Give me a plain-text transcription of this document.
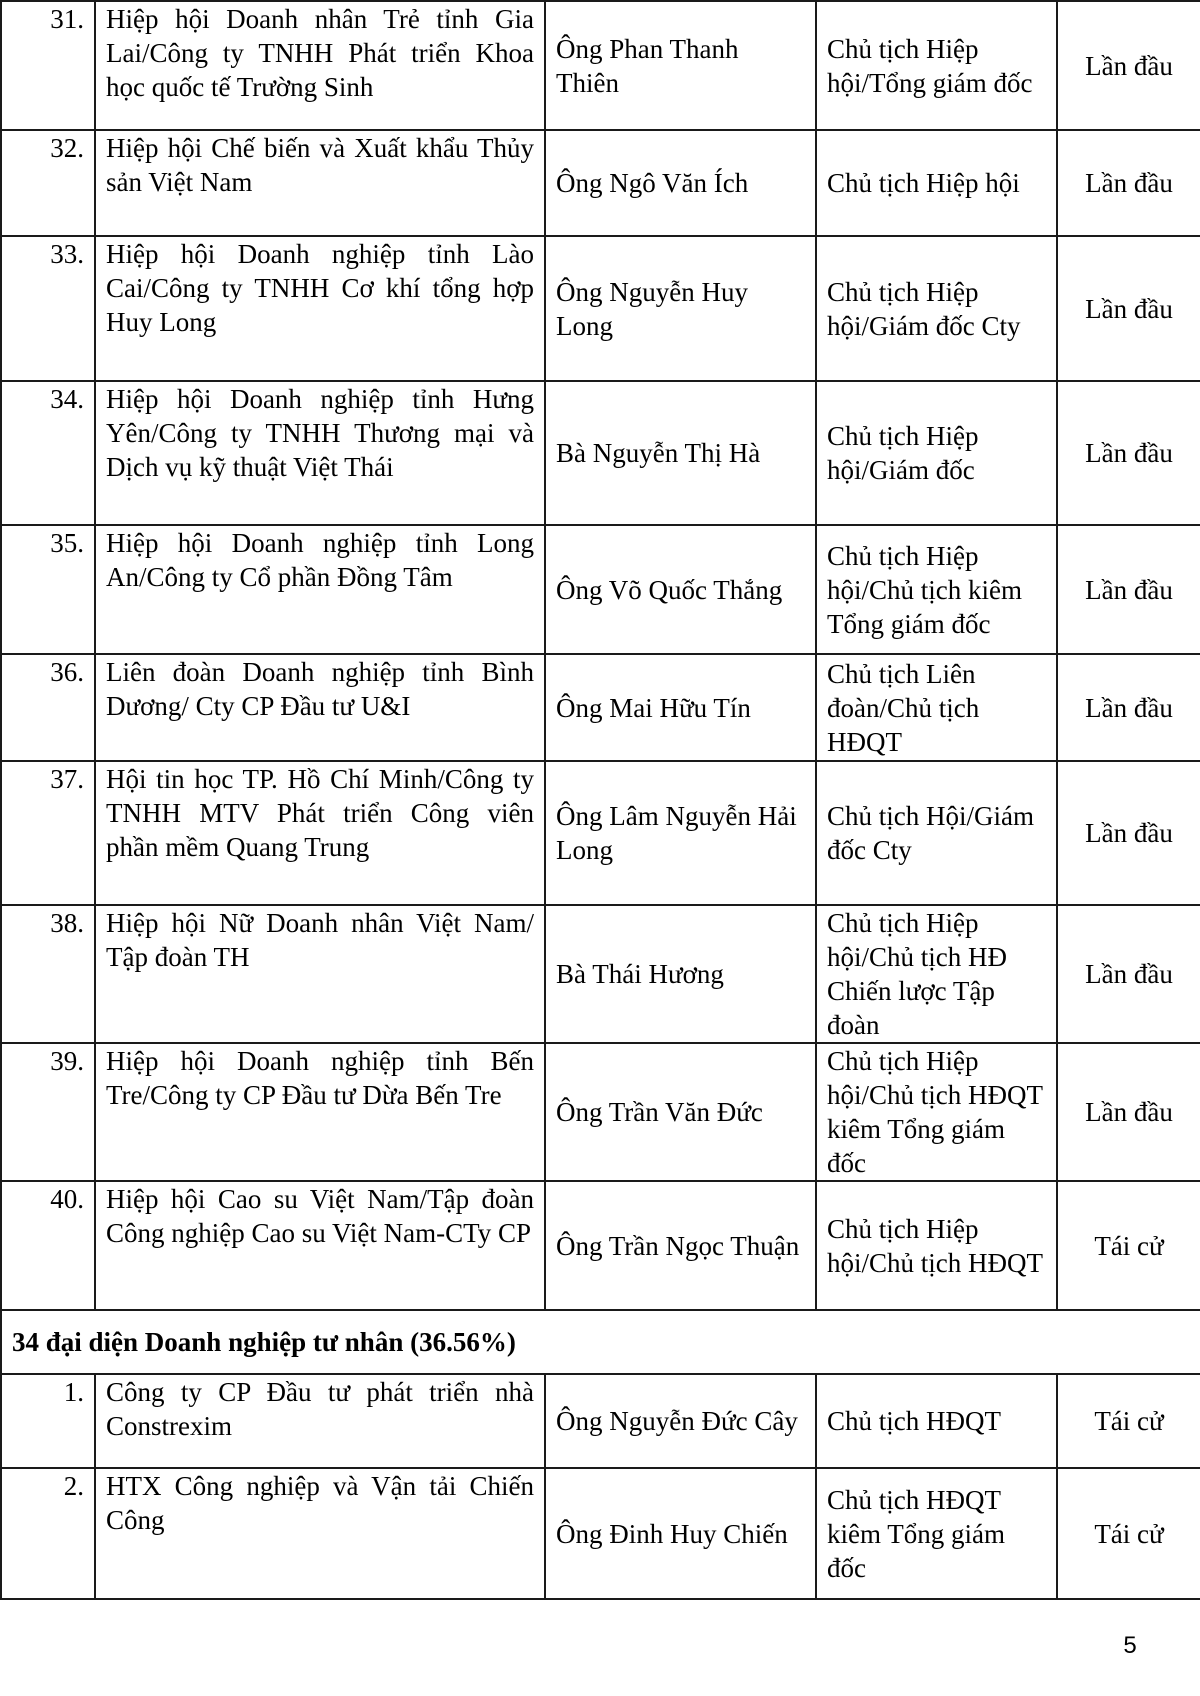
31.	Hiệp hội Doanh nhân Trẻ tỉnh Gia Lai/Công ty TNHH Phát triển Khoa học quốc tế Trường Sinh	Ông Phan Thanh Thiên	Chủ tịch Hiệp hội/Tổng giám đốc	Lần đầu
32.	Hiệp hội Chế biến và Xuất khẩu Thủy sản Việt Nam	Ông Ngô Văn Ích	Chủ tịch Hiệp hội	Lần đầu
33.	Hiệp hội Doanh nghiệp tỉnh Lào Cai/Công ty TNHH Cơ khí tổng hợp Huy Long	Ông Nguyễn Huy Long	Chủ tịch Hiệp hội/Giám đốc Cty	Lần đầu
34.	Hiệp hội Doanh nghiệp tỉnh Hưng Yên/Công ty TNHH Thương mại và Dịch vụ kỹ thuật Việt Thái	Bà Nguyễn Thị Hà	Chủ tịch Hiệp hội/Giám đốc	Lần đầu
35.	Hiệp hội Doanh nghiệp tỉnh Long An/Công ty Cổ phần Đồng Tâm	Ông Võ Quốc Thắng	Chủ tịch Hiệp hội/Chủ tịch kiêm Tổng giám đốc	Lần đầu
36.	Liên đoàn Doanh nghiệp tỉnh Bình Dương/ Cty CP Đầu tư U&I	Ông Mai Hữu Tín	Chủ tịch Liên đoàn/Chủ tịch HĐQT	Lần đầu
37.	Hội tin học TP. Hồ Chí Minh/Công ty TNHH MTV Phát triển Công viên phần mềm Quang Trung	Ông Lâm Nguyễn Hải Long	Chủ tịch Hội/Giám đốc Cty	Lần đầu
38.	Hiệp hội Nữ Doanh nhân Việt Nam/ Tập đoàn TH	Bà Thái Hương	Chủ tịch Hiệp hội/Chủ tịch HĐ Chiến lược Tập đoàn	Lần đầu
39.	Hiệp hội Doanh nghiệp tỉnh Bến Tre/Công ty CP Đầu tư Dừa Bến Tre	Ông Trần Văn Đức	Chủ tịch Hiệp hội/Chủ tịch HĐQT kiêm Tổng giám đốc	Lần đầu
40.	Hiệp hội Cao su Việt Nam/Tập đoàn Công nghiệp Cao su Việt Nam-CTy CP	Ông Trần Ngọc Thuận	Chủ tịch Hiệp hội/Chủ tịch HĐQT	Tái cử
34 đại diện Doanh nghiệp tư nhân (36.56%)				
1.	Công ty CP Đầu tư phát triển nhà Constrexim	Ông Nguyễn Đức Cây	Chủ tịch HĐQT	Tái cử
2.	HTX Công nghiệp và Vận tải Chiến Công	Ông Đinh Huy Chiến	Chủ tịch HĐQT kiêm Tổng giám đốc	Tái cử
5
